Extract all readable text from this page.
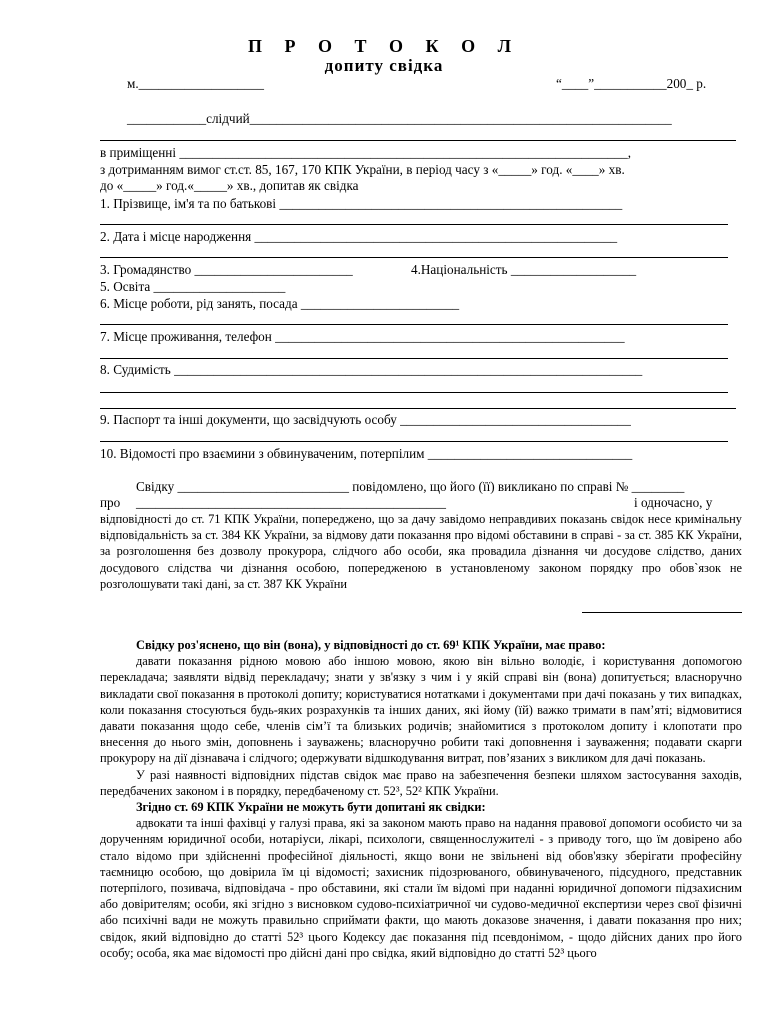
П Р О Т О К О Л
допиту свідка
м.___________________	“____”___________200_ р.
____________слідчий________________________________________________________________
в приміщенні ____________________________________________________________________,
з дотриманням вимог ст.ст. 85, 167, 170 КПК України, в період часу з «_____» год. «____» хв.
до «_____» год.«_____» хв., допитав як свідка
1. Прізвище, ім'я та по батькові ____________________________________________________
2. Дата і місце народження _______________________________________________________
3. Громадянство ________________________	4.Національність ___________________
5. Освіта ____________________
6. Місце роботи, рід занять, посада ________________________
7. Місце проживання, телефон _____________________________________________________
8. Судимість _______________________________________________________________________
9. Паспорт та інші документи, що засвідчують особу ___________________________________
10. Відомості про взаємини з обвинуваченим, потерпілим _______________________________
Свідку __________________________ повідомлено, що його (її) викликано по справі № ________
про _______________________________________________	і одночасно, у
відповідності до ст. 71 КПК України, попереджено, що за дачу завідомо неправдивих показань свідок несе кримінальну відповідальність за ст. 384 КК України, за відмову дати показання про відомі обставини в справі - за ст. 385 КК України, за розголошення без дозволу прокурора, слідчого або особи, яка провадила дізнання чи досудове слідство, даних досудового слідства чи дізнання особою, попередженою в установленому законом порядку про обов`язок не розголошувати такі дані, за ст. 387 КК України
Свідку роз'яснено, що він (вона), у відповідності до ст. 69¹ КПК України, має право:
давати показання рідною мовою або іншою мовою, якою він вільно володіє, і користування допомогою перекладача; заявляти відвід перекладачу; знати у зв'язку з чим і у якій справі він (вона) допитується; власноручно викладати свої показання в протоколі допиту; користуватися нотатками і документами при дачі показань у тих випадках, коли показання стосуються будь-яких розрахунків та інших даних, які йому (їй) важко тримати в пам’яті; відмовитися давати показання щодо себе, членів сім’ї та близьких родичів; знайомитися з протоколом допиту і клопотати про внесення до нього змін, доповнень і зауважень; власноручно робити такі доповнення і зауваження; подавати скарги прокурору на дії дізнавача і слідчого; одержувати відшкодування витрат, пов’язаних з викликом для дачі показань.
У разі наявності відповідних підстав свідок має право на забезпечення безпеки шляхом застосування заходів, передбачених законом і в порядку, передбаченому ст. 52³, 52² КПК України.
Згідно ст. 69 КПК України не можуть бути допитані як свідки:
адвокати та інші фахівці у галузі права, які за законом мають право на надання правової допомоги особисто чи за дорученням юридичної особи, нотаріуси, лікарі, психологи, священнослужителі - з приводу того, що їм довірено або стало відомо при здійсненні професійної діяльності, якщо вони не звільнені від обов'язку зберігати професійну таємницю особою, що довірила їм ці відомості; захисник підозрюваного, обвинуваченого, підсудного, представник потерпілого, позивача, відповідача - про обставини, які стали їм відомі при наданні юридичної допомоги підзахисним або довірителям; особи, які згідно з висновком судово-психіатричної чи судово-медичної експертизи через свої фізичні або психічні вади не можуть правильно сприймати факти, що мають доказове значення, і давати показання про них; свідок, який відповідно до статті 52³ цього Кодексу дає показання під псевдонімом, - щодо дійсних даних про його особу; особа, яка має відомості про дійсні дані про свідка, який відповідно до статті 52³ цього
